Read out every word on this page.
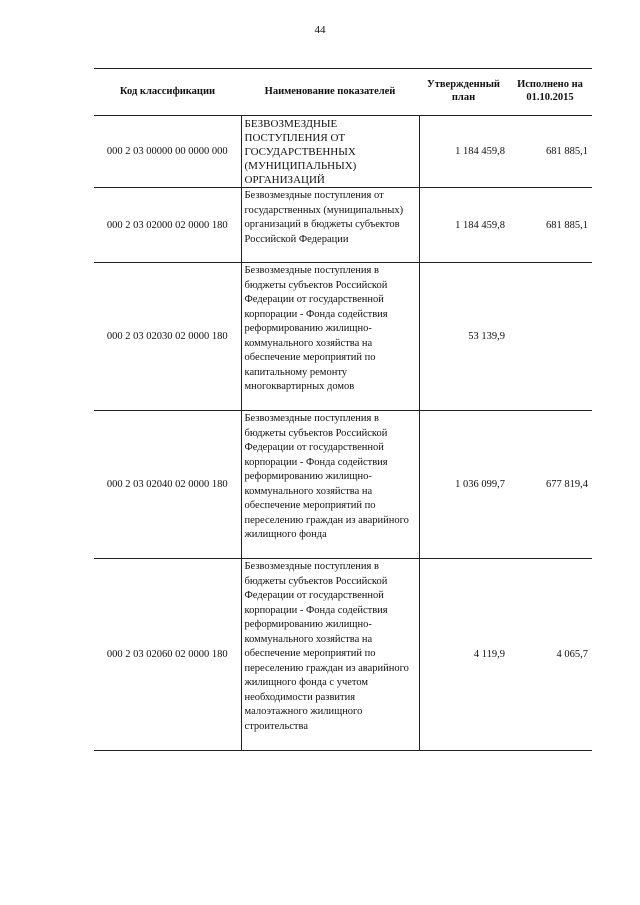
44
Код классификации	Наименование показателей	Утвержденный план	Исполнено на 01.10.2015
000 2 03 00000 00 0000 000	БЕЗВОЗМЕЗДНЫЕ ПОСТУПЛЕНИЯ ОТ ГОСУДАРСТВЕННЫХ (МУНИЦИПАЛЬНЫХ) ОРГАНИЗАЦИЙ	1 184 459,8	681 885,1
000 2 03 02000 02 0000 180	Безвозмездные поступления от государственных (муниципальных) организаций в бюджеты субъектов Российской Федерации	1 184 459,8	681 885,1
000 2 03 02030 02 0000 180	Безвозмездные поступления в бюджеты субъектов Российской Федерации от государственной корпорации - Фонда содействия реформированию жилищно-коммунального хозяйства на обеспечение мероприятий по капитальному ремонту многоквартирных домов	53 139,9	
000 2 03 02040 02 0000 180	Безвозмездные поступления в бюджеты субъектов Российской Федерации от государственной корпорации - Фонда содействия реформированию жилищно-коммунального хозяйства на обеспечение мероприятий по переселению граждан из аварийного жилищного фонда	1 036 099,7	677 819,4
000 2 03 02060 02 0000 180	Безвозмездные поступления в бюджеты субъектов Российской Федерации от государственной корпорации - Фонда содействия реформированию жилищно-коммунального хозяйства на обеспечение мероприятий по переселению граждан из аварийного жилищного фонда с учетом необходимости развития малоэтажного жилищного строительства	4 119,9	4 065,7
